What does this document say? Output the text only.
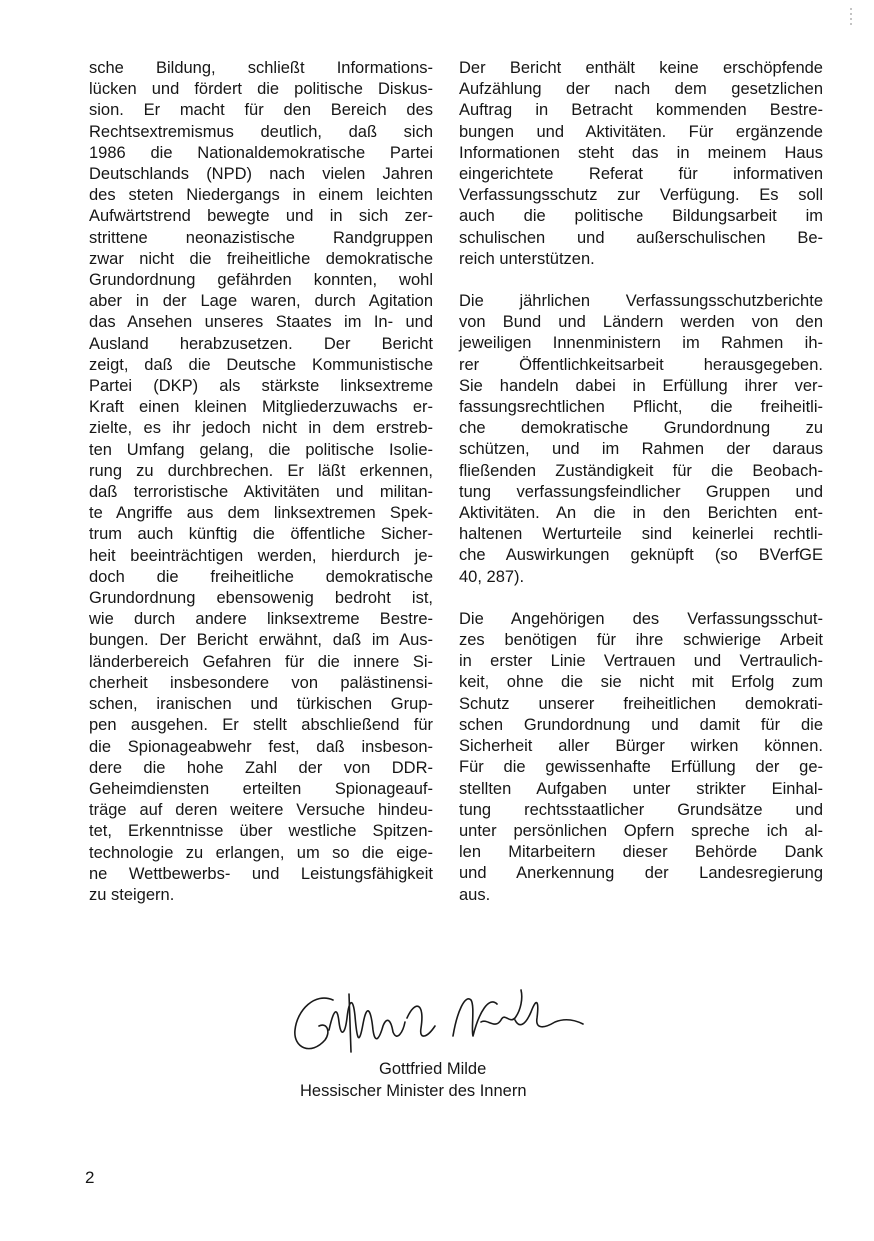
sche Bildung, schließt Informations-
lücken und fördert die politische Diskus-
sion. Er macht für den Bereich des
Rechtsextremismus deutlich, daß sich
1986 die Nationaldemokratische Partei
Deutschlands (NPD) nach vielen Jahren
des steten Niedergangs in einem leichten
Aufwärtstrend bewegte und in sich zer-
strittene neonazistische Randgruppen
zwar nicht die freiheitliche demokratische
Grundordnung gefährden konnten, wohl
aber in der Lage waren, durch Agitation
das Ansehen unseres Staates im In- und
Ausland herabzusetzen. Der Bericht
zeigt, daß die Deutsche Kommunistische
Partei (DKP) als stärkste linksextreme
Kraft einen kleinen Mitgliederzuwachs er-
zielte, es ihr jedoch nicht in dem erstreb-
ten Umfang gelang, die politische Isolie-
rung zu durchbrechen. Er läßt erkennen,
daß terroristische Aktivitäten und militan-
te Angriffe aus dem linksextremen Spek-
trum auch künftig die öffentliche Sicher-
heit beeinträchtigen werden, hierdurch je-
doch die freiheitliche demokratische
Grundordnung ebensowenig bedroht ist,
wie durch andere linksextreme Bestre-
bungen. Der Bericht erwähnt, daß im Aus-
länderbereich Gefahren für die innere Si-
cherheit insbesondere von palästinensi-
schen, iranischen und türkischen Grup-
pen ausgehen. Er stellt abschließend für
die Spionageabwehr fest, daß insbeson-
dere die hohe Zahl der von DDR-
Geheimdiensten erteilten Spionageauf-
träge auf deren weitere Versuche hindeu-
tet, Erkenntnisse über westliche Spitzen-
technologie zu erlangen, um so die eige-
ne Wettbewerbs- und Leistungsfähigkeit
zu steigern.

Der Bericht enthält keine erschöpfende
Aufzählung der nach dem gesetzlichen
Auftrag in Betracht kommenden Bestre-
bungen und Aktivitäten. Für ergänzende
Informationen steht das in meinem Haus
eingerichtete Referat für informativen
Verfassungsschutz zur Verfügung. Es soll
auch die politische Bildungsarbeit im
schulischen und außerschulischen Be-
reich unterstützen.

Die jährlichen Verfassungsschutzberichte
von Bund und Ländern werden von den
jeweiligen Innenministern im Rahmen ih-
rer Öffentlichkeitsarbeit herausgegeben.
Sie handeln dabei in Erfüllung ihrer ver-
fassungsrechtlichen Pflicht, die freiheitli-
che demokratische Grundordnung zu
schützen, und im Rahmen der daraus
fließenden Zuständigkeit für die Beobach-
tung verfassungsfeindlicher Gruppen und
Aktivitäten. An die in den Berichten ent-
haltenen Werturteile sind keinerlei rechtli-
che Auswirkungen geknüpft (so BVerfGE
40, 287).

Die Angehörigen des Verfassungsschut-
zes benötigen für ihre schwierige Arbeit
in erster Linie Vertrauen und Vertraulich-
keit, ohne die sie nicht mit Erfolg zum
Schutz unserer freiheitlichen demokrati-
schen Grundordnung und damit für die
Sicherheit aller Bürger wirken können.
Für die gewissenhafte Erfüllung der ge-
stellten Aufgaben unter strikter Einhal-
tung rechtsstaatlicher Grundsätze und
unter persönlichen Opfern spreche ich al-
len Mitarbeitern dieser Behörde Dank
und Anerkennung der Landesregierung
aus.

Gottfried Milde
Hessischer Minister des Innern
2
